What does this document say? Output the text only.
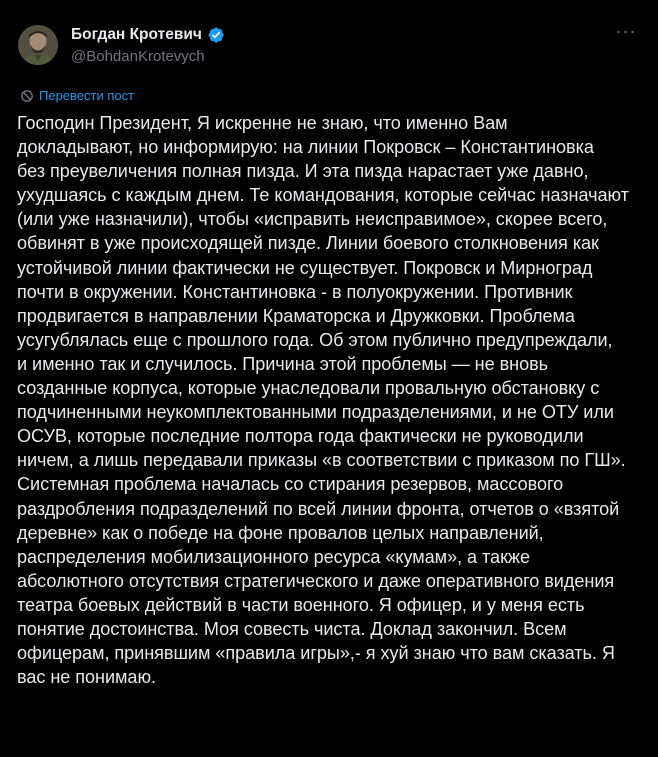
Богдан Кротевич
@BohdanKrotevych
···
Перевести пост
Господин Президент, Я искренне не знаю, что именно Вам
докладывают, но информирую: на линии Покровск – Константиновка
без преувеличения полная пизда. И эта пизда нарастает уже давно,
ухудшаясь с каждым днем. Те командования, которые сейчас назначают
(или уже назначили), чтобы «исправить неисправимое», скорее всего,
обвинят в уже происходящей пизде. Линии боевого столкновения как
устойчивой линии фактически не существует. Покровск и Мирноград
почти в окружении. Константиновка - в полуокружении. Противник
продвигается в направлении Краматорска и Дружковки. Проблема
усугублялась еще с прошлого года. Об этом публично предупреждали,
и именно так и случилось. Причина этой проблемы — не вновь
созданные корпуса, которые унаследовали провальную обстановку с
подчиненными неукомплектованными подразделениями, и не ОТУ или
ОСУВ, которые последние полтора года фактически не руководили
ничем, а лишь передавали приказы «в соответствии с приказом по ГШ».
Системная проблема началась со стирания резервов, массового
раздробления подразделений по всей линии фронта, отчетов о «взятой
деревне» как о победе на фоне провалов целых направлений,
распределения мобилизационного ресурса «кумам», а также
абсолютного отсутствия стратегического и даже оперативного видения
театра боевых действий в части военного. Я офицер, и у меня есть
понятие достоинства. Моя совесть чиста. Доклад закончил. Всем
офицерам, принявшим «правила игры»,- я хуй знаю что вам сказать. Я
вас не понимаю.
